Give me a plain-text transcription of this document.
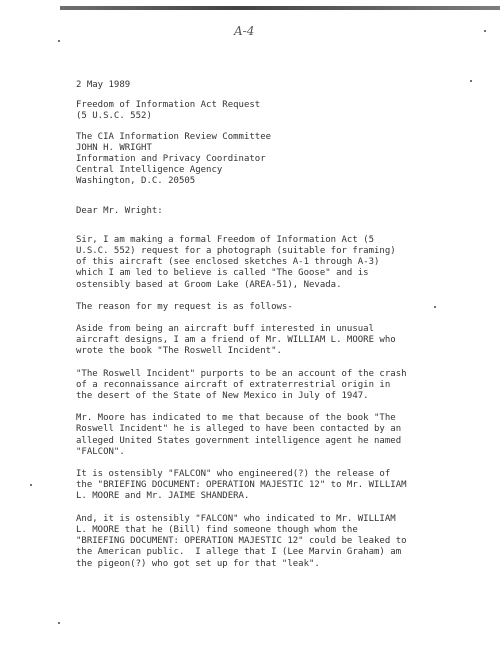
A-4
2 May 1989
Freedom of Information Act Request
(5 U.S.C. 552)
The CIA Information Review Committee
JOHN H. WRIGHT
Information and Privacy Coordinator
Central Intelligence Agency
Washington, D.C. 20505
Dear Mr. Wright:
Sir, I am making a formal Freedom of Information Act (5
U.S.C. 552) request for a photograph (suitable for framing)
of this aircraft (see enclosed sketches A-1 through A-3)
which I am led to believe is called "The Goose" and is
ostensibly based at Groom Lake (AREA-51), Nevada.
The reason for my request is as follows-
Aside from being an aircraft buff interested in unusual
aircraft designs, I am a friend of Mr. WILLIAM L. MOORE who
wrote the book "The Roswell Incident".
"The Roswell Incident" purports to be an account of the crash
of a reconnaissance aircraft of extraterrestrial origin in
the desert of the State of New Mexico in July of 1947.
Mr. Moore has indicated to me that because of the book "The
Roswell Incident" he is alleged to have been contacted by an
alleged United States government intelligence agent he named
"FALCON".
It is ostensibly "FALCON" who engineered(?) the release of
the "BRIEFING DOCUMENT: OPERATION MAJESTIC 12" to Mr. WILLIAM
L. MOORE and Mr. JAIME SHANDERA.
And, it is ostensibly "FALCON" who indicated to Mr. WILLIAM
L. MOORE that he (Bill) find someone though whom the
"BRIEFING DOCUMENT: OPERATION MAJESTIC 12" could be leaked to
the American public.  I allege that I (Lee Marvin Graham) am
the pigeon(?) who got set up for that "leak".
